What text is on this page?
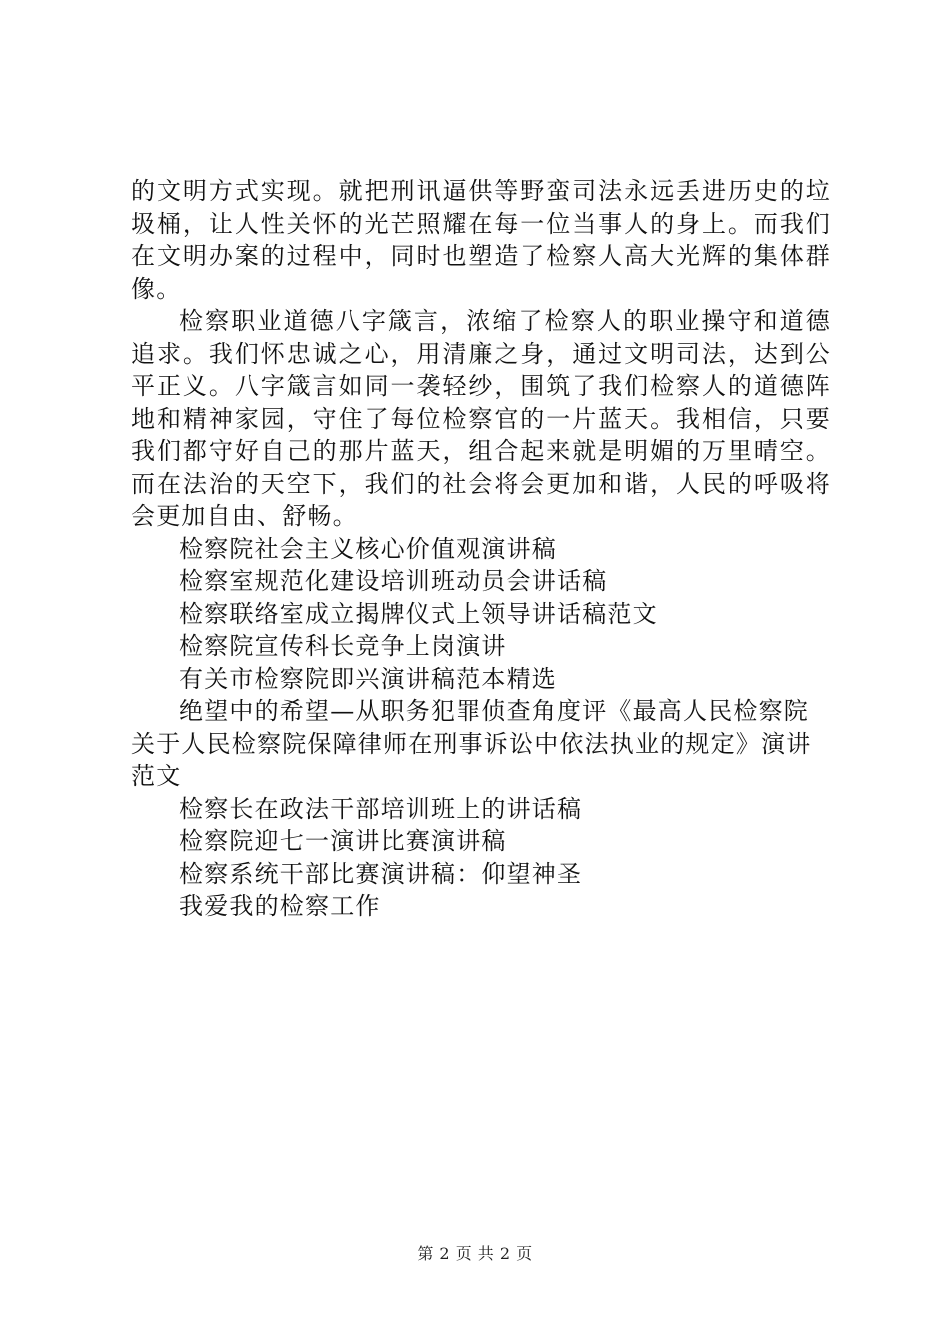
的文明方式实现。就把刑讯逼供等野蛮司法永远丢进历史的垃圾桶，让人性关怀的光芒照耀在每一位当事人的身上。而我们在文明办案的过程中，同时也塑造了检察人高大光辉的集体群像。

检察职业道德八字箴言，浓缩了检察人的职业操守和道德追求。我们怀忠诚之心，用清廉之身，通过文明司法，达到公平正义。八字箴言如同一袭轻纱，围筑了我们检察人的道德阵地和精神家园，守住了每位检察官的一片蓝天。我相信，只要我们都守好自己的那片蓝天，组合起来就是明媚的万里晴空。而在法治的天空下，我们的社会将会更加和谐，人民的呼吸将会更加自由、舒畅。

检察院社会主义核心价值观演讲稿
检察室规范化建设培训班动员会讲话稿
检察联络室成立揭牌仪式上领导讲话稿范文
检察院宣传科长竞争上岗演讲
有关市检察院即兴演讲稿范本精选
绝望中的希望—从职务犯罪侦查角度评《最高人民检察院关于人民检察院保障律师在刑事诉讼中依法执业的规定》演讲范文
检察长在政法干部培训班上的讲话稿
检察院迎七一演讲比赛演讲稿
检察系统干部比赛演讲稿：仰望神圣
我爱我的检察工作
第 2 页 共 2 页
